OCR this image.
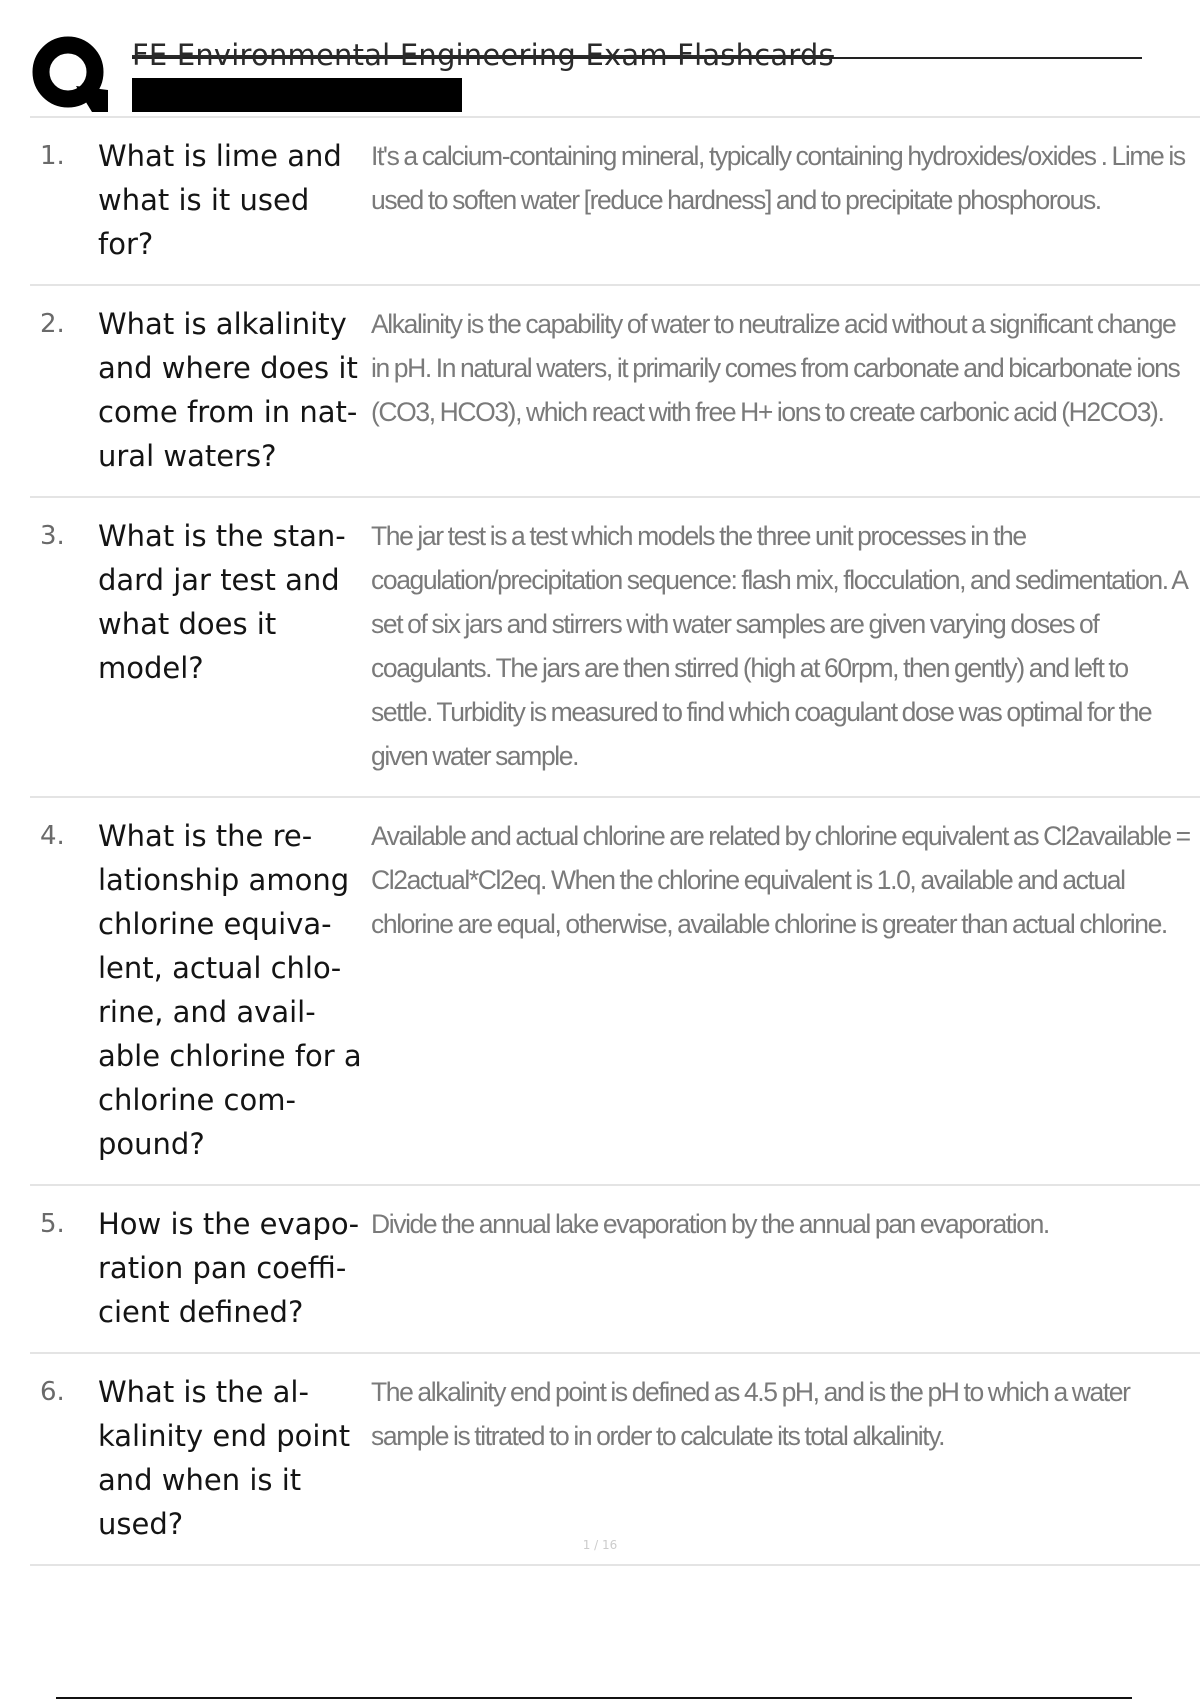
FE Environmental Engineering Exam Flashcards
1.	What is lime and what is it used for?
It's a calcium-containing mineral, typically containing hydroxides/oxides . Lime is used to soften water [reduce hardness] and to precipitate phosphorous.
2.	What is alkalinity and where does it come from in natural waters?
Alkalinity is the capability of water to neutralize acid without a significant change in pH. In natural waters, it primarily comes from carbonate and bicarbonate ions (CO3, HCO3), which react with free H+ ions to create carbonic acid (H2CO3).
3.	What is the standard jar test and what does it model?
The jar test is a test which models the three unit processes in the coagulation/precipitation sequence: flash mix, flocculation, and sedimentation. A set of six jars and stirrers with water samples are given varying doses of coagulants. The jars are then stirred (high at 60rpm, then gently) and left to settle. Turbidity is measured to find which coagulant dose was optimal for the given water sample.
4.	What is the relationship among chlorine equivalent, actual chlorine, and available chlorine for a chlorine compound?
Available and actual chlorine are related by chlorine equivalent as Cl2available = Cl2actual*Cl2eq. When the chlorine equivalent is 1.0, available and actual chlorine are equal, otherwise, available chlorine is greater than actual chlorine.
5.	How is the evaporation pan coefficient defined?
Divide the annual lake evaporation by the annual pan evaporation.
6.	What is the alkalinity end point and when is it used?
The alkalinity end point is defined as 4.5 pH, and is the pH to which a water sample is titrated to in order to calculate its total alkalinity.
1 / 16
